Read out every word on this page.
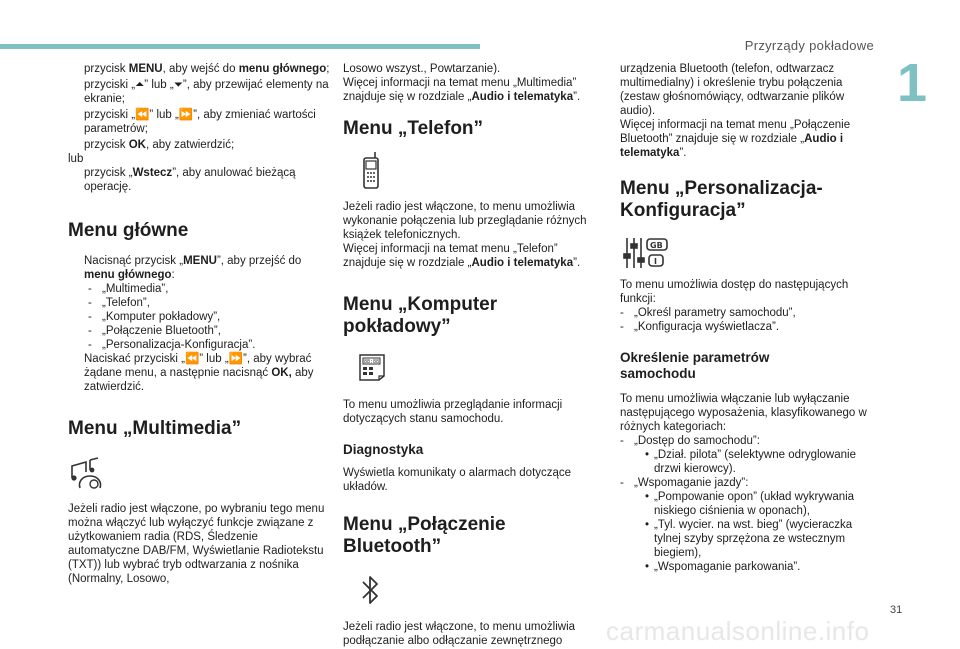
Przyrządy pokładowe
1
31
carmanualsonline.info
przycisk MENU, aby wejść do menu głównego;
przyciski „⏶” lub „⏷”, aby przewijać elementy na ekranie;
przyciski „⏪” lub „⏩”, aby zmieniać wartości parametrów;
przycisk OK, aby zatwierdzić;

lub

przycisk „Wstecz”, aby anulować bieżącą operację.
Menu główne
Nacisnąć przycisk „MENU”, aby przejść do menu głównego:
- „Multimedia”,
- „Telefon”,
- „Komputer pokładowy”,
- „Połączenie Bluetooth”,
- „Personalizacja-Konfiguracja”.
Naciskać przyciski „⏪” lub „⏩”, aby wybrać żądane menu, a następnie nacisnąć OK, aby zatwierdzić.
Menu „Multimedia”

Jeżeli radio jest włączone, po wybraniu tego menu można włączyć lub wyłączyć funkcje związane z użytkowaniem radia (RDS, Śledzenie automatyczne DAB/FM, Wyświetlanie Radiotekstu (TXT)) lub wybrać tryb odtwarzania z nośnika (Normalny, Losowo,

Losowo wszyst., Powtarzanie).

Więcej informacji na temat menu „Multimedia” znajduje się w rozdziale „Audio i telematyka”.

Menu „Telefon”

Jeżeli radio jest włączone, to menu umożliwia wykonanie połączenia lub przeglądanie różnych książek telefonicznych.

Więcej informacji na temat menu „Telefon” znajduje się w rozdziale „Audio i telematyka”.

Menu „Komputer pokładowy”
88:88

To menu umożliwia przeglądanie informacji dotyczących stanu samochodu.

Diagnostyka

Wyświetla komunikaty o alarmach dotyczące układów.

Menu „Połączenie
Bluetooth”

Jeżeli radio jest włączone, to menu umożliwia podłączanie albo odłączanie zewnętrznego

urządzenia Bluetooth (telefon, odtwarzacz multimedialny) i określenie trybu połączenia (zestaw głośnomówiący, odtwarzanie plików audio).

Więcej informacji na temat menu „Połączenie Bluetooth” znajduje się w rozdziale „Audio i telematyka”.

Menu „Personalizacja-
Konfiguracja”
GB
I

To menu umożliwia dostęp do następujących funkcji:

- „Określ parametry samochodu”,
- „Konfiguracja wyświetlacza”.
Określenie parametrów
samochodu

To menu umożliwia włączanie lub wyłączanie następującego wyposażenia, klasyfikowanego w różnych kategoriach:

- „Dostęp do samochodu”:
• „Dział. pilota” (selektywne odryglowanie drzwi kierowcy).
- „Wspomaganie jazdy”:
• „Pompowanie opon” (układ wykrywania niskiego ciśnienia w oponach),
• „Tyl. wycier. na wst. bieg” (wycieraczka tylnej szyby sprzężona ze wstecznym biegiem),
• „Wspomaganie parkowania”.
